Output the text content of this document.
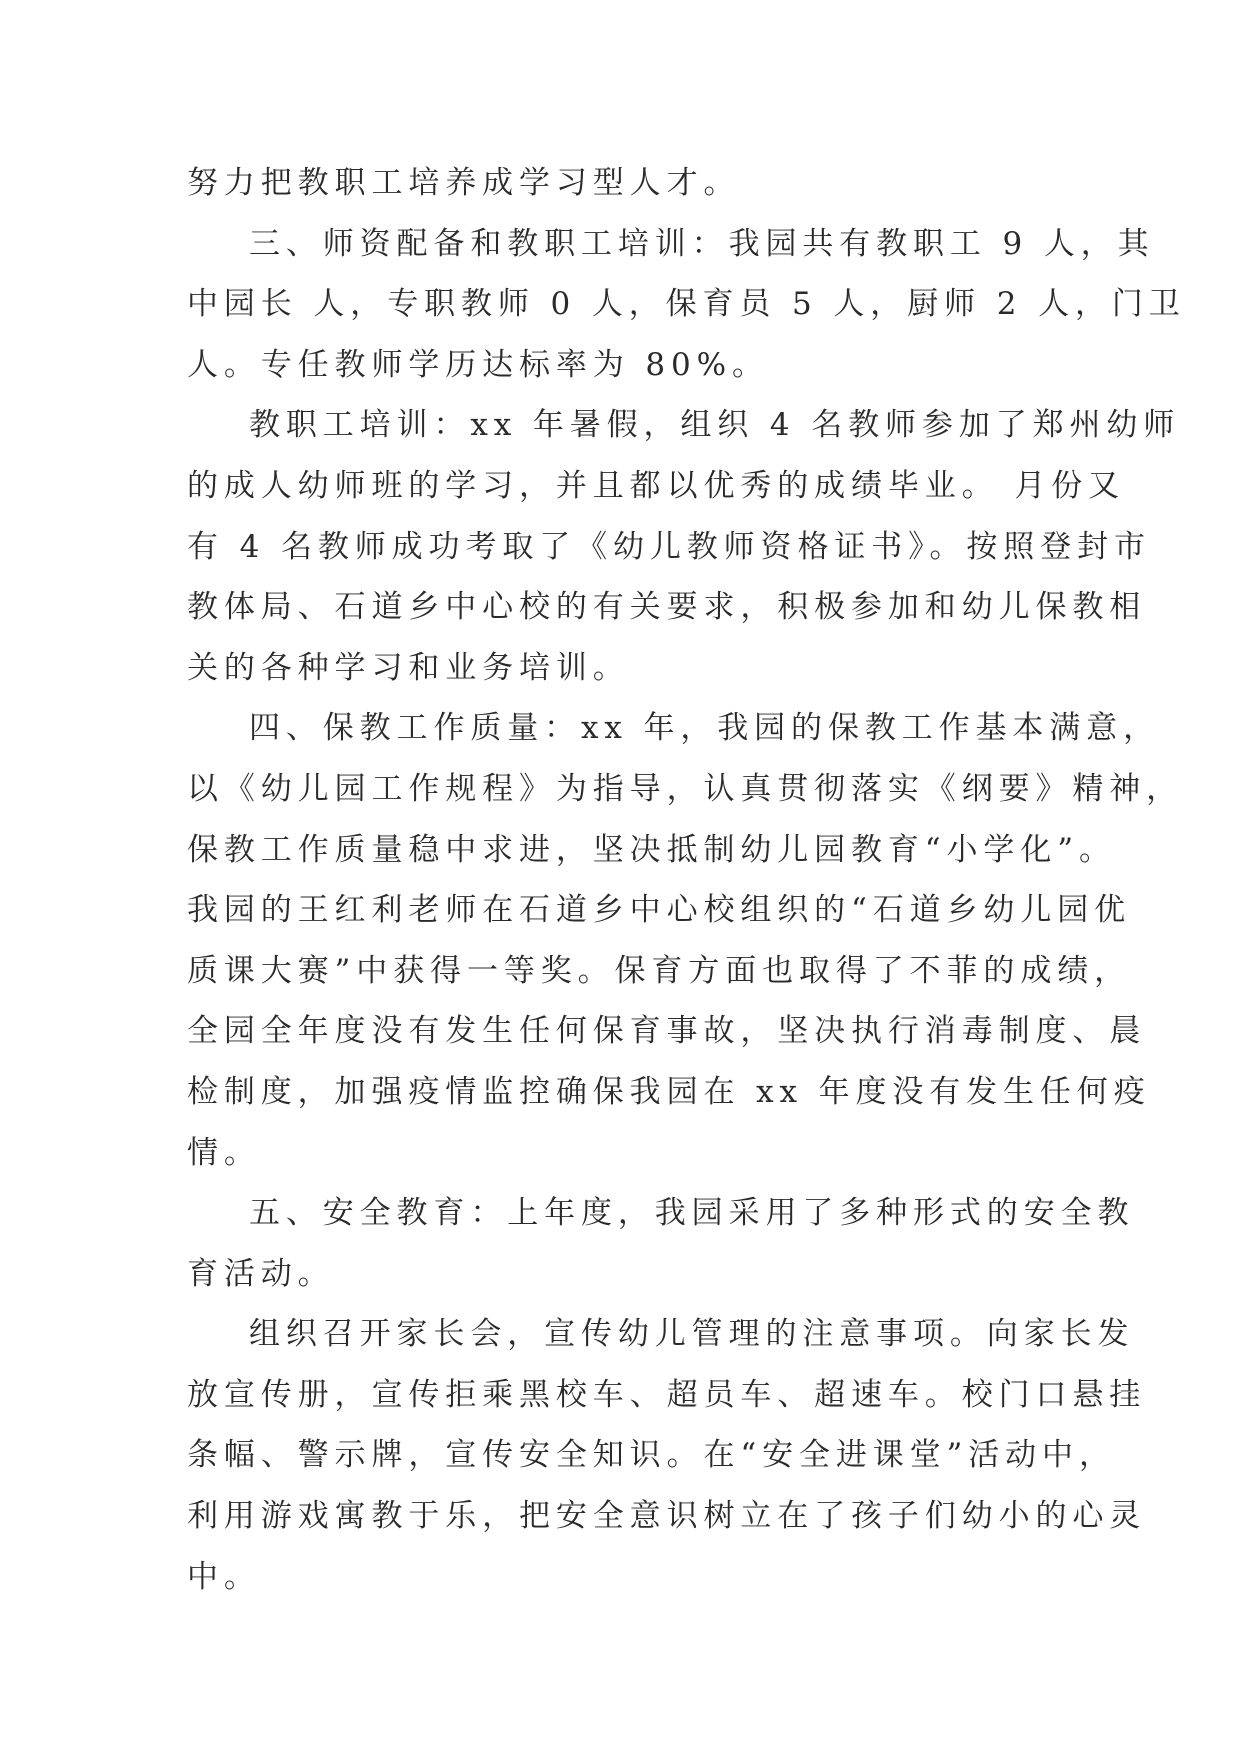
努力把教职工培养成学习型人才。
三、师资配备和教职工培训：我园共有教职工 9 人，其
中园长 人，专职教师 0 人，保育员 5 人，厨师 2 人，门卫
人。专任教师学历达标率为 80%。
教职工培训：xx 年暑假，组织 4 名教师参加了郑州幼师
的成人幼师班的学习，并且都以优秀的成绩毕业。 月份又
有 4 名教师成功考取了《幼儿教师资格证书》。按照登封市
教体局、石道乡中心校的有关要求，积极参加和幼儿保教相
关的各种学习和业务培训。
四、保教工作质量：xx 年，我园的保教工作基本满意，
以《幼儿园工作规程》为指导，认真贯彻落实《纲要》精神，
保教工作质量稳中求进，坚决抵制幼儿园教育“小学化”。
我园的王红利老师在石道乡中心校组织的“石道乡幼儿园优
质课大赛”中获得一等奖。保育方面也取得了不菲的成绩，
全园全年度没有发生任何保育事故，坚决执行消毒制度、晨
检制度，加强疫情监控确保我园在 xx 年度没有发生任何疫
情。
五、安全教育：上年度，我园采用了多种形式的安全教
育活动。
组织召开家长会，宣传幼儿管理的注意事项。向家长发
放宣传册，宣传拒乘黑校车、超员车、超速车。校门口悬挂
条幅、警示牌，宣传安全知识。在“安全进课堂”活动中，
利用游戏寓教于乐，把安全意识树立在了孩子们幼小的心灵
中。
